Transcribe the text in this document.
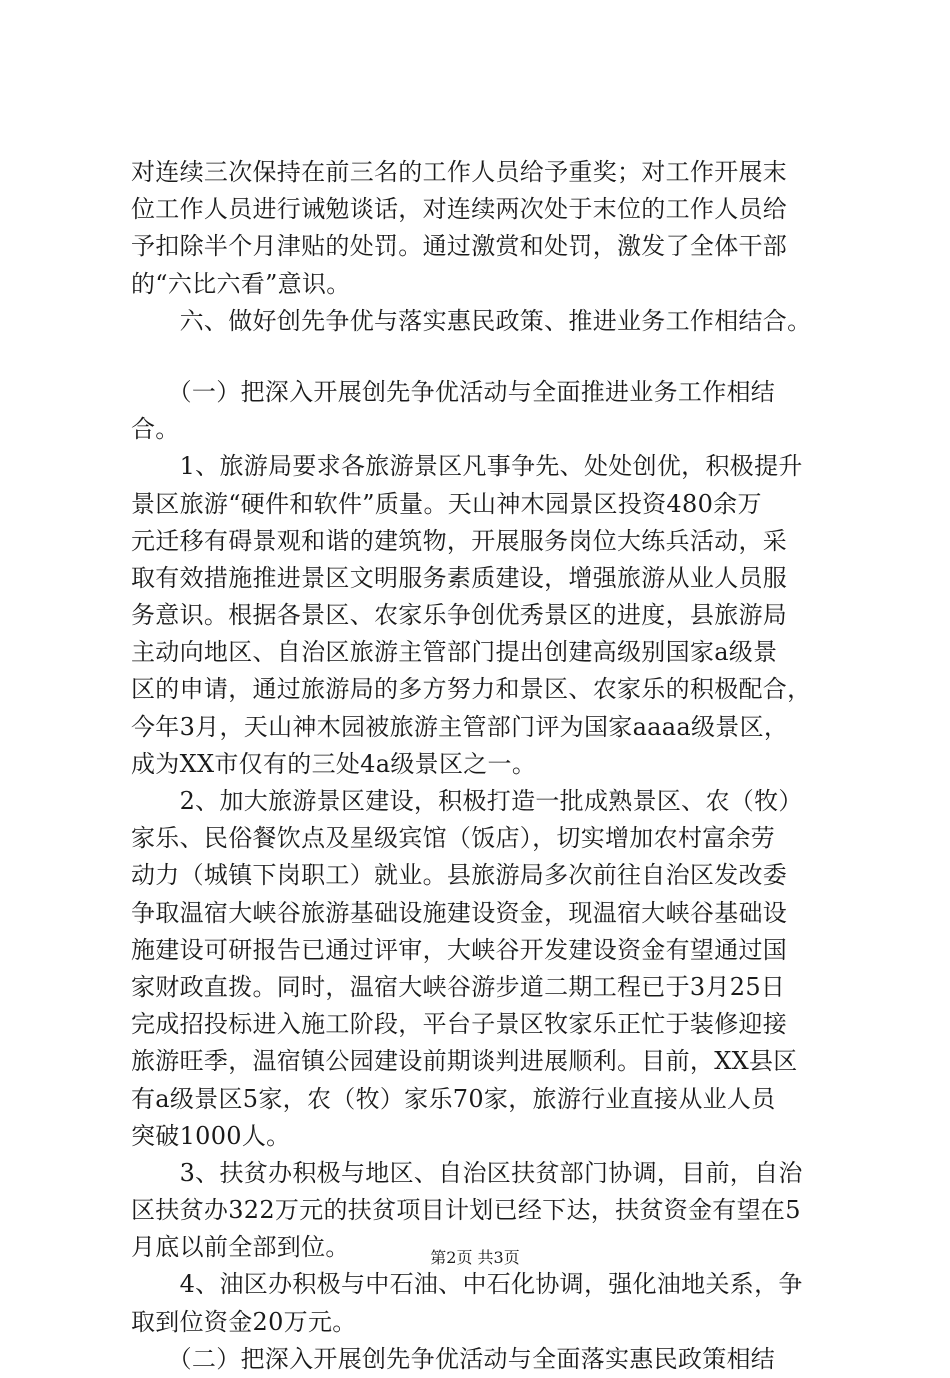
对连续三次保持在前三名的工作人员给予重奖；对工作开展末
位工作人员进行诫勉谈话，对连续两次处于末位的工作人员给
予扣除半个月津贴的处罚。通过激赏和处罚，激发了全体干部
的“六比六看”意识。
　　六、做好创先争优与落实惠民政策、推进业务工作相结合。
　　（一）把深入开展创先争优活动与全面推进业务工作相结
合。
　　1、旅游局要求各旅游景区凡事争先、处处创优，积极提升
景区旅游“硬件和软件”质量。天山神木园景区投资480余万
元迁移有碍景观和谐的建筑物，开展服务岗位大练兵活动，采
取有效措施推进景区文明服务素质建设，增强旅游从业人员服
务意识。根据各景区、农家乐争创优秀景区的进度，县旅游局
主动向地区、自治区旅游主管部门提出创建高级别国家a级景
区的申请，通过旅游局的多方努力和景区、农家乐的积极配合，
今年3月，天山神木园被旅游主管部门评为国家aaaa级景区，
成为XX市仅有的三处4a级景区之一。
　　2、加大旅游景区建设，积极打造一批成熟景区、农（牧）
家乐、民俗餐饮点及星级宾馆（饭店），切实增加农村富余劳
动力（城镇下岗职工）就业。县旅游局多次前往自治区发改委
争取温宿大峡谷旅游基础设施建设资金，现温宿大峡谷基础设
施建设可研报告已通过评审，大峡谷开发建设资金有望通过国
家财政直拨。同时，温宿大峡谷游步道二期工程已于3月25日
完成招投标进入施工阶段，平台子景区牧家乐正忙于装修迎接
旅游旺季，温宿镇公园建设前期谈判进展顺利。目前，XX县区
有a级景区5家，农（牧）家乐70家，旅游行业直接从业人员
突破1000人。
　　3、扶贫办积极与地区、自治区扶贫部门协调，目前，自治
区扶贫办322万元的扶贫项目计划已经下达，扶贫资金有望在5
月底以前全部到位。
　　4、油区办积极与中石油、中石化协调，强化油地关系，争
取到位资金20万元。
　　（二）把深入开展创先争优活动与全面落实惠民政策相结
第2页 共3页
